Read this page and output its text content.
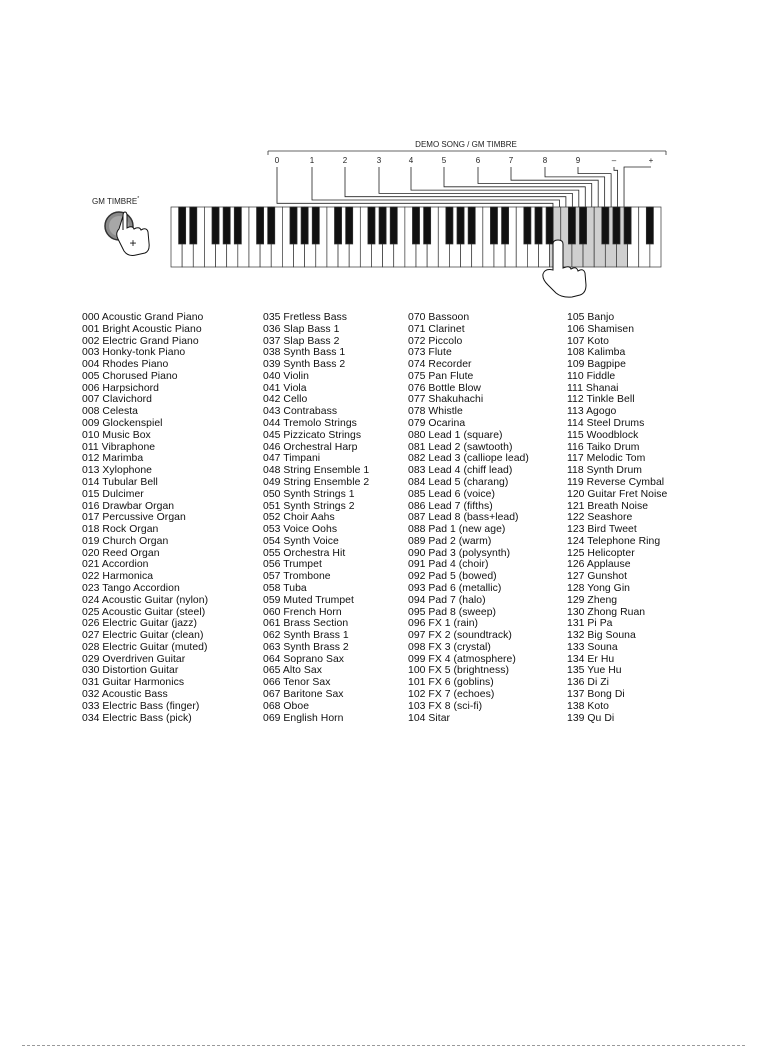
DEMO SONG / GM TIMBRE
0	1	2	3	4	5	6	7	8	9	–	+
GM TIMBRE*
+
000 Acoustic Grand Piano
001 Bright Acoustic Piano
002 Electric Grand Piano
003 Honky-tonk Piano
004 Rhodes Piano
005 Chorused Piano
006 Harpsichord
007 Clavichord
008 Celesta
009 Glockenspiel
010 Music Box
011 Vibraphone
012 Marimba
013 Xylophone
014 Tubular Bell
015 Dulcimer
016 Drawbar Organ
017 Percussive Organ
018 Rock Organ
019 Church Organ
020 Reed Organ
021 Accordion
022 Harmonica
023 Tango Accordion
024 Acoustic Guitar (nylon)
025 Acoustic Guitar (steel)
026 Electric Guitar (jazz)
027 Electric Guitar (clean)
028 Electric Guitar (muted)
029 Overdriven Guitar
030 Distortion Guitar
031 Guitar Harmonics
032 Acoustic Bass
033 Electric Bass (finger)
034 Electric Bass (pick)
035 Fretless Bass
036 Slap Bass 1
037 Slap Bass 2
038 Synth Bass 1
039 Synth Bass 2
040 Violin
041 Viola
042 Cello
043 Contrabass
044 Tremolo Strings
045 Pizzicato Strings
046 Orchestral Harp
047 Timpani
048 String Ensemble 1
049 String Ensemble 2
050 Synth Strings 1
051 Synth Strings 2
052 Choir Aahs
053 Voice Oohs
054 Synth Voice
055 Orchestra Hit
056 Trumpet
057 Trombone
058 Tuba
059 Muted Trumpet
060 French Horn
061 Brass Section
062 Synth Brass 1
063 Synth Brass 2
064 Soprano Sax
065 Alto Sax
066 Tenor Sax
067 Baritone Sax
068 Oboe
069 English Horn
070 Bassoon
071 Clarinet
072 Piccolo
073 Flute
074 Recorder
075 Pan Flute
076 Bottle Blow
077 Shakuhachi
078 Whistle
079 Ocarina
080 Lead 1 (square)
081 Lead 2 (sawtooth)
082 Lead 3 (calliope lead)
083 Lead 4 (chiff lead)
084 Lead 5 (charang)
085 Lead 6 (voice)
086 Lead 7 (fifths)
087 Lead 8 (bass+lead)
088 Pad 1 (new age)
089 Pad 2 (warm)
090 Pad 3 (polysynth)
091 Pad 4 (choir)
092 Pad 5 (bowed)
093 Pad 6 (metallic)
094 Pad 7 (halo)
095 Pad 8 (sweep)
096 FX 1 (rain)
097 FX 2 (soundtrack)
098 FX 3 (crystal)
099 FX 4 (atmosphere)
100 FX 5 (brightness)
101 FX 6 (goblins)
102 FX 7 (echoes)
103 FX 8 (sci-fi)
104 Sitar
105 Banjo
106 Shamisen
107 Koto
108 Kalimba
109 Bagpipe
110 Fiddle
111 Shanai
112 Tinkle Bell
113 Agogo
114 Steel Drums
115 Woodblock
116 Taiko Drum
117 Melodic Tom
118 Synth Drum
119 Reverse Cymbal
120 Guitar Fret Noise
121 Breath Noise
122 Seashore
123 Bird Tweet
124 Telephone Ring
125 Helicopter
126 Applause
127 Gunshot
128 Yong Gin
129 Zheng
130 Zhong Ruan
131 Pi Pa
132 Big Souna
133 Souna
134 Er Hu
135 Yue Hu
136 Di Zi
137 Bong Di
138 Koto
139 Qu Di
